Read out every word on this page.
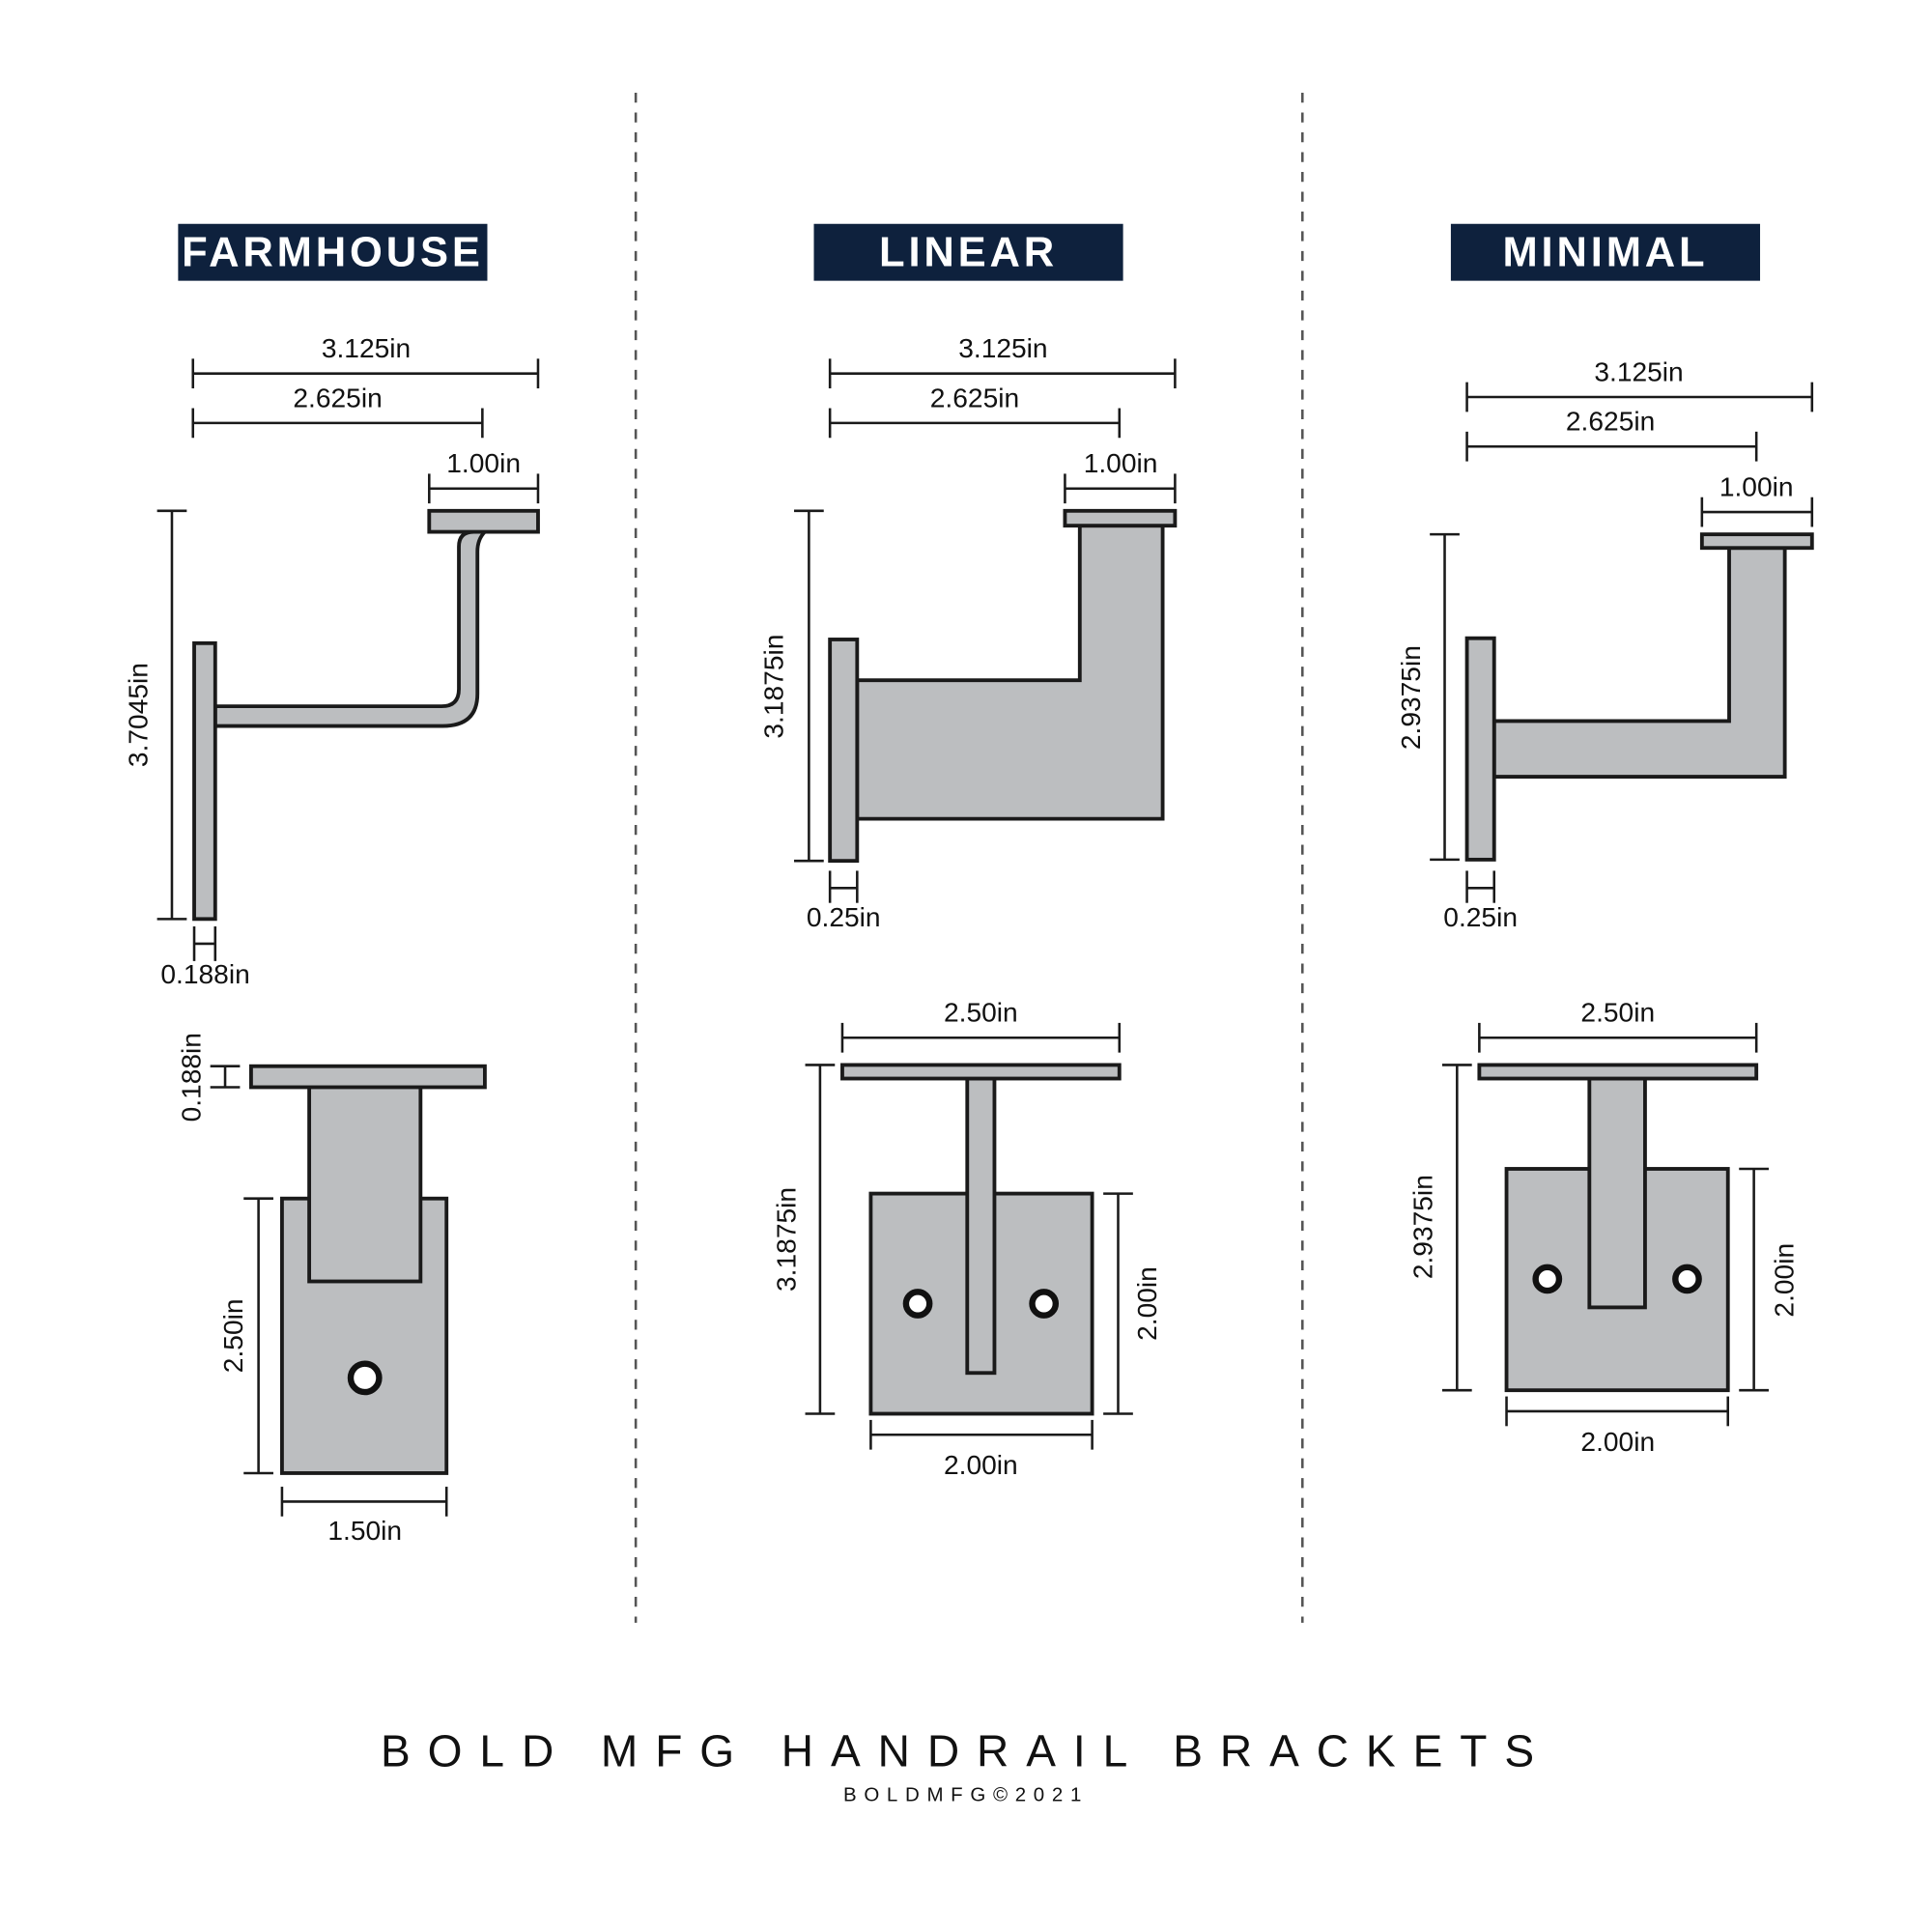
FARMHOUSE
3.125in
2.625in
1.00in
3.7045in
0.188in
0.188in
2.50in
1.50in
LINEAR
3.125in
2.625in
1.00in
3.1875in
0.25in
2.50in
3.1875in
2.00in
2.00in
MINIMAL
3.125in
2.625in
1.00in
2.9375in
0.25in
2.50in
2.9375in
2.00in
2.00in
BOLD MFG HANDRAIL BRACKETS
BOLDMFG©2021
